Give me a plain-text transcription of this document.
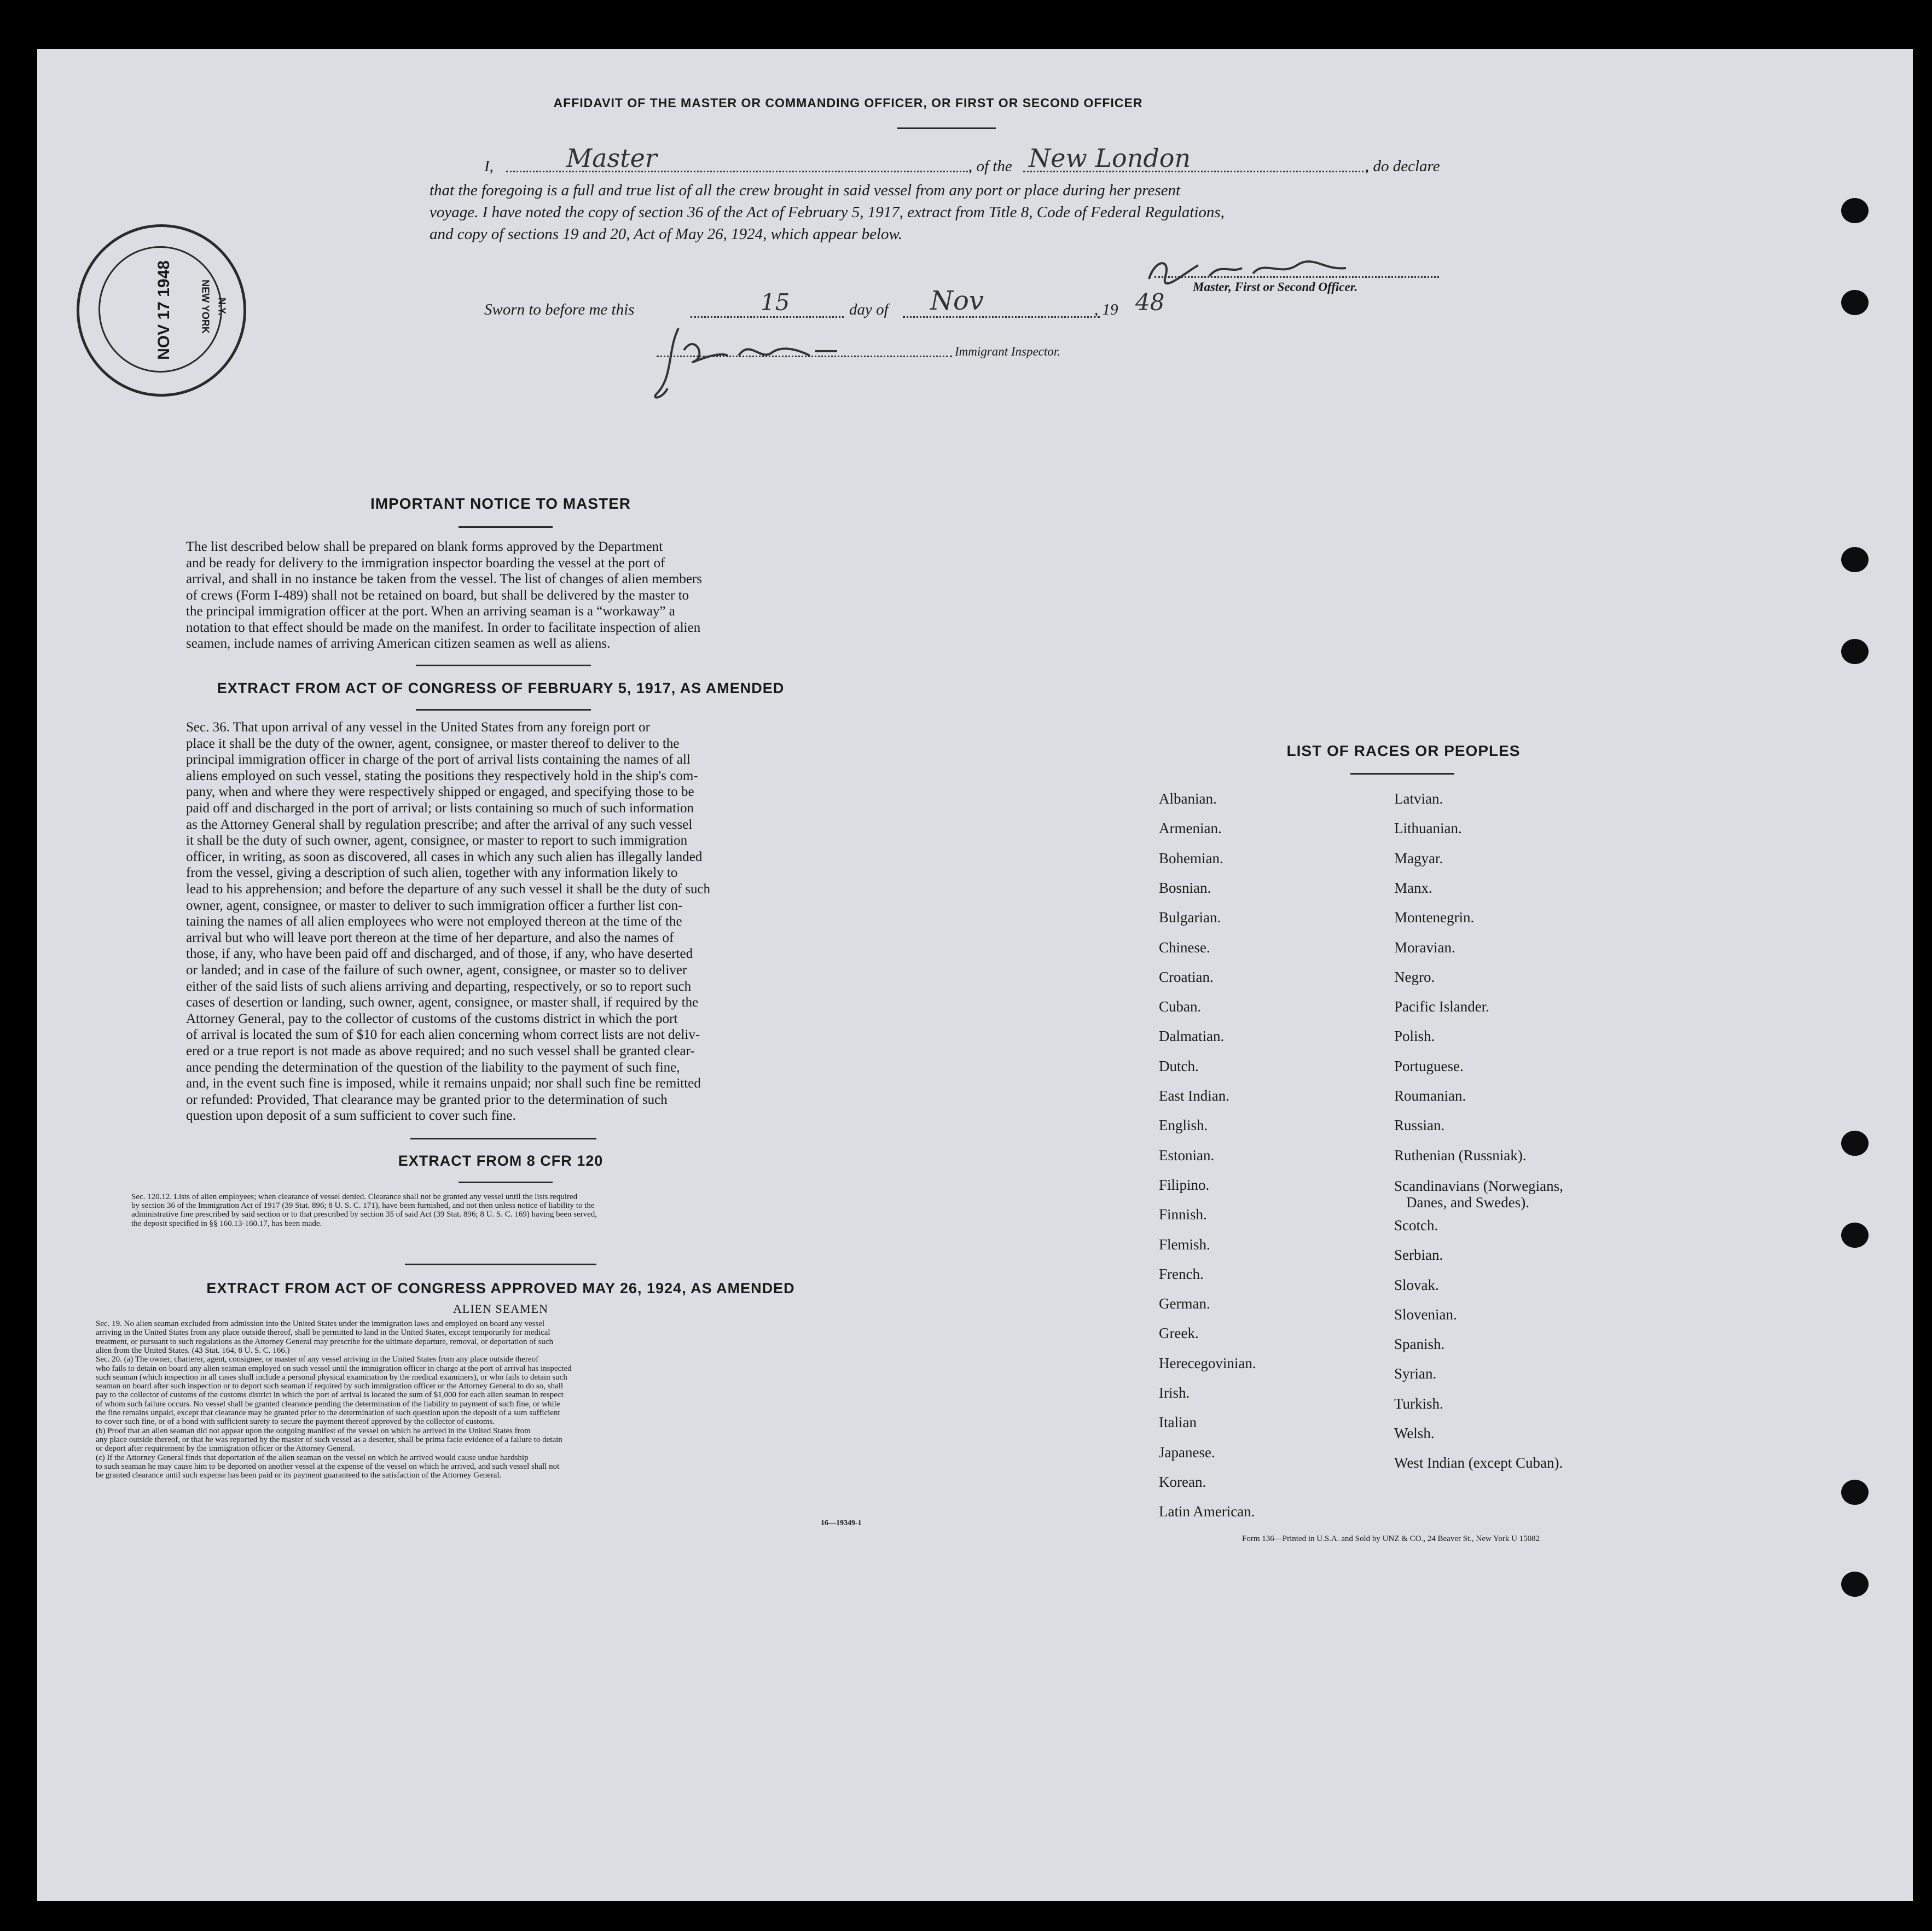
AFFIDAVIT OF THE MASTER OR COMMANDING OFFICER, OR FIRST OR SECOND OFFICER
I,	Master	, of the New London	, do declare
that the foregoing is a full and true list of all the crew brought in said vessel from any port or place during her present
voyage. I have noted the copy of section 36 of the Act of February 5, 1917, extract from Title 8, Code of Federal Regulations,
and copy of sections 19 and 20, Act of May 26, 1924, which appear below.
Master, First or Second Officer.
Sworn to before me this	15	day of Nov	, 19 48
Immigrant Inspector.
NOV 17 1948	NEW YORK N.Y.
IMPORTANT NOTICE TO MASTER
The list described below shall be prepared on blank forms approved by the Department
and be ready for delivery to the immigration inspector boarding the vessel at the port of
arrival, and shall in no instance be taken from the vessel. The list of changes of alien members
of crews (Form I-489) shall not be retained on board, but shall be delivered by the master to
the principal immigration officer at the port. When an arriving seaman is a “workaway” a
notation to that effect should be made on the manifest. In order to facilitate inspection of alien
seamen, include names of arriving American citizen seamen as well as aliens.
EXTRACT FROM ACT OF CONGRESS OF FEBRUARY 5, 1917, AS AMENDED
Sec. 36. That upon arrival of any vessel in the United States from any foreign port or
place it shall be the duty of the owner, agent, consignee, or master thereof to deliver to the
principal immigration officer in charge of the port of arrival lists containing the names of all
aliens employed on such vessel, stating the positions they respectively hold in the ship's com-
pany, when and where they were respectively shipped or engaged, and specifying those to be
paid off and discharged in the port of arrival; or lists containing so much of such information
as the Attorney General shall by regulation prescribe; and after the arrival of any such vessel
it shall be the duty of such owner, agent, consignee, or master to report to such immigration
officer, in writing, as soon as discovered, all cases in which any such alien has illegally landed
from the vessel, giving a description of such alien, together with any information likely to
lead to his apprehension; and before the departure of any such vessel it shall be the duty of such
owner, agent, consignee, or master to deliver to such immigration officer a further list con-
taining the names of all alien employees who were not employed thereon at the time of the
arrival but who will leave port thereon at the time of her departure, and also the names of
those, if any, who have been paid off and discharged, and of those, if any, who have deserted
or landed; and in case of the failure of such owner, agent, consignee, or master so to deliver
either of the said lists of such aliens arriving and departing, respectively, or so to report such
cases of desertion or landing, such owner, agent, consignee, or master shall, if required by the
Attorney General, pay to the collector of customs of the customs district in which the port
of arrival is located the sum of $10 for each alien concerning whom correct lists are not deliv-
ered or a true report is not made as above required; and no such vessel shall be granted clear-
ance pending the determination of the question of the liability to the payment of such fine,
and, in the event such fine is imposed, while it remains unpaid; nor shall such fine be remitted
or refunded: Provided, That clearance may be granted prior to the determination of such
question upon deposit of a sum sufficient to cover such fine.
EXTRACT FROM 8 CFR 120
Sec. 120.12. Lists of alien employees; when clearance of vessel denied. Clearance shall not be granted any vessel until the lists required
by section 36 of the Immigration Act of 1917 (39 Stat. 896; 8 U. S. C. 171), have been furnished, and not then unless notice of liability to the
administrative fine prescribed by said section or to that prescribed by section 35 of said Act (39 Stat. 896; 8 U. S. C. 169) having been served,
the deposit specified in §§ 160.13-160.17, has been made.
EXTRACT FROM ACT OF CONGRESS APPROVED MAY 26, 1924, AS AMENDED
ALIEN SEAMEN
Sec. 19. No alien seaman excluded from admission into the United States under the immigration laws and employed on board any vessel
arriving in the United States from any place outside thereof, shall be permitted to land in the United States, except temporarily for medical
treatment, or pursuant to such regulations as the Attorney General may prescribe for the ultimate departure, removal, or deportation of such
alien from the United States. (43 Stat. 164, 8 U. S. C. 166.)
Sec. 20. (a) The owner, charterer, agent, consignee, or master of any vessel arriving in the United States from any place outside thereof
who fails to detain on board any alien seaman employed on such vessel until the immigration officer in charge at the port of arrival has inspected
such seaman (which inspection in all cases shall include a personal physical examination by the medical examiners), or who fails to detain such
seaman on board after such inspection or to deport such seaman if required by such immigration officer or the Attorney General to do so, shall
pay to the collector of customs of the customs district in which the port of arrival is located the sum of $1,000 for each alien seaman in respect
of whom such failure occurs. No vessel shall be granted clearance pending the determination of the liability to payment of such fine, or while
the fine remains unpaid, except that clearance may be granted prior to the determination of such question upon the deposit of a sum sufficient
to cover such fine, or of a bond with sufficient surety to secure the payment thereof approved by the collector of customs.
(b) Proof that an alien seaman did not appear upon the outgoing manifest of the vessel on which he arrived in the United States from
any place outside thereof, or that he was reported by the master of such vessel as a deserter, shall be prima facie evidence of a failure to detain
or deport after requirement by the immigration officer or the Attorney General.
(c) If the Attorney General finds that deportation of the alien seaman on the vessel on which he arrived would cause undue hardship
to such seaman he may cause him to be deported on another vessel at the expense of the vessel on which he arrived, and such vessel shall not
be granted clearance until such expense has been paid or its payment guaranteed to the satisfaction of the Attorney General.
16—19349-1
LIST OF RACES OR PEOPLES
Albanian.
Armenian.
Bohemian.
Bosnian.
Bulgarian.
Chinese.
Croatian.
Cuban.
Dalmatian.
Dutch.
East Indian.
English.
Estonian.
Filipino.
Finnish.
Flemish.
French.
German.
Greek.
Herecegovinian.
Irish.
Italian
Japanese.
Korean.
Latin American.
Latvian.
Lithuanian.
Magyar.
Manx.
Montenegrin.
Moravian.
Negro.
Pacific Islander.
Polish.
Portuguese.
Roumanian.
Russian.
Ruthenian (Russniak).
Scandinavians (Norwegians,
Danes, and Swedes).
Scotch.
Serbian.
Slovak.
Slovenian.
Spanish.
Syrian.
Turkish.
Welsh.
West Indian (except Cuban).
Form 136—Printed in U.S.A. and Sold by UNZ & CO., 24 Beaver St., New York U 15082
